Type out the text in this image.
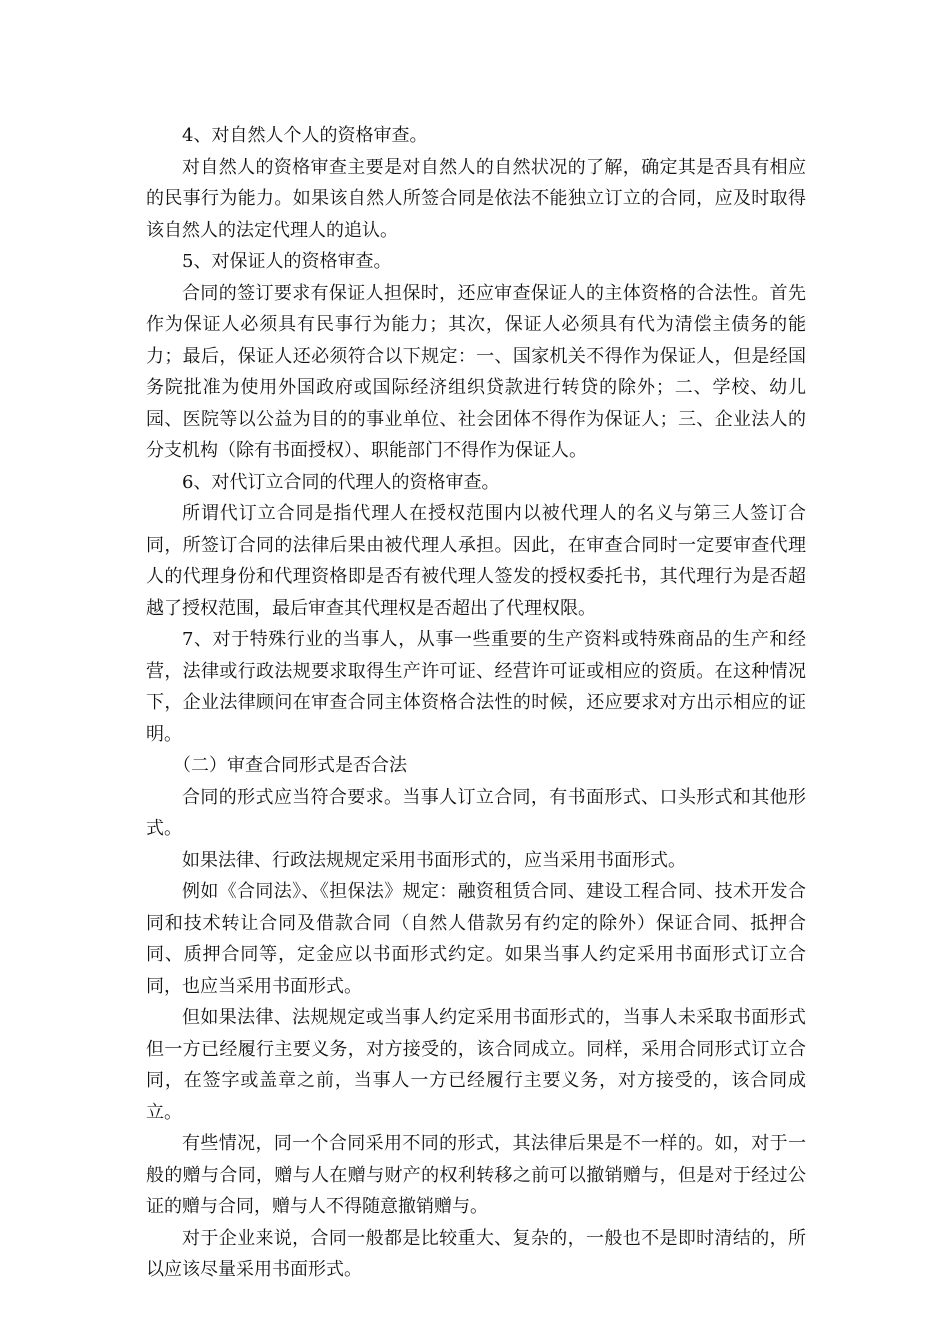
4、对自然人个人的资格审查。

对自然人的资格审查主要是对自然人的自然状况的了解，确定其是否具有相应的民事行为能力。如果该自然人所签合同是依法不能独立订立的合同，应及时取得该自然人的法定代理人的追认。

5、对保证人的资格审查。

合同的签订要求有保证人担保时，还应审查保证人的主体资格的合法性。首先作为保证人必须具有民事行为能力；其次，保证人必须具有代为清偿主债务的能力；最后，保证人还必须符合以下规定：一、国家机关不得作为保证人，但是经国务院批准为使用外国政府或国际经济组织贷款进行转贷的除外；二、学校、幼儿园、医院等以公益为目的的事业单位、社会团体不得作为保证人；三、企业法人的分支机构（除有书面授权）、职能部门不得作为保证人。

6、对代订立合同的代理人的资格审查。

所谓代订立合同是指代理人在授权范围内以被代理人的名义与第三人签订合同，所签订合同的法律后果由被代理人承担。因此，在审查合同时一定要审查代理人的代理身份和代理资格即是否有被代理人签发的授权委托书，其代理行为是否超越了授权范围，最后审查其代理权是否超出了代理权限。

7、对于特殊行业的当事人，从事一些重要的生产资料或特殊商品的生产和经营，法律或行政法规要求取得生产许可证、经营许可证或相应的资质。在这种情况下，企业法律顾问在审查合同主体资格合法性的时候，还应要求对方出示相应的证明。

（二）审查合同形式是否合法

合同的形式应当符合要求。当事人订立合同，有书面形式、口头形式和其他形式。

如果法律、行政法规规定采用书面形式的，应当采用书面形式。

例如《合同法》、《担保法》规定：融资租赁合同、建设工程合同、技术开发合同和技术转让合同及借款合同（自然人借款另有约定的除外）保证合同、抵押合同、质押合同等，定金应以书面形式约定。如果当事人约定采用书面形式订立合同，也应当采用书面形式。

但如果法律、法规规定或当事人约定采用书面形式的，当事人未采取书面形式但一方已经履行主要义务，对方接受的，该合同成立。同样，采用合同形式订立合同，在签字或盖章之前，当事人一方已经履行主要义务，对方接受的，该合同成立。

有些情况，同一个合同采用不同的形式，其法律后果是不一样的。如，对于一般的赠与合同，赠与人在赠与财产的权利转移之前可以撤销赠与，但是对于经过公证的赠与合同，赠与人不得随意撤销赠与。

对于企业来说，合同一般都是比较重大、复杂的，一般也不是即时清结的，所以应该尽量采用书面形式。
